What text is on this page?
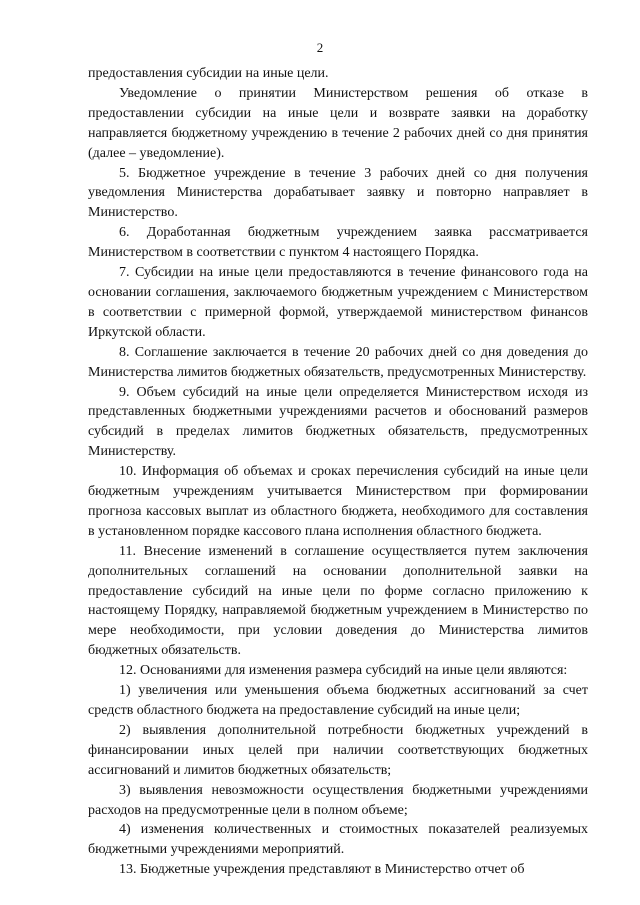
2

предоставления субсидии на иные цели.

Уведомление о принятии Министерством решения об отказе в предоставлении субсидии на иные цели и возврате заявки на доработку направляется бюджетному учреждению в течение 2 рабочих дней со дня принятия (далее – уведомление).

5. Бюджетное учреждение в течение 3 рабочих дней со дня получения уведомления Министерства дорабатывает заявку и повторно направляет в Министерство.

6. Доработанная бюджетным учреждением заявка рассматривается Министерством в соответствии с пунктом 4 настоящего Порядка.

7. Субсидии на иные цели предоставляются в течение финансового года на основании соглашения, заключаемого бюджетным учреждением с Министерством в соответствии с примерной формой, утверждаемой министерством финансов Иркутской области.

8. Соглашение заключается в течение 20 рабочих дней со дня доведения до Министерства лимитов бюджетных обязательств, предусмотренных Министерству.

9. Объем субсидий на иные цели определяется Министерством исходя из представленных бюджетными учреждениями расчетов и обоснований размеров субсидий в пределах лимитов бюджетных обязательств, предусмотренных Министерству.

10. Информация об объемах и сроках перечисления субсидий на иные цели бюджетным учреждениям учитывается Министерством при формировании прогноза кассовых выплат из областного бюджета, необходимого для составления в установленном порядке кассового плана исполнения областного бюджета.

11. Внесение изменений в соглашение осуществляется путем заключения дополнительных соглашений на основании дополнительной заявки на предоставление субсидий на иные цели по форме согласно приложению к настоящему Порядку, направляемой бюджетным учреждением в Министерство по мере необходимости, при условии доведения до Министерства лимитов бюджетных обязательств.

12. Основаниями для изменения размера субсидий на иные цели являются:

1) увеличения или уменьшения объема бюджетных ассигнований за счет средств областного бюджета на предоставление субсидий на иные цели;

2) выявления дополнительной потребности бюджетных учреждений в финансировании иных целей при наличии соответствующих бюджетных ассигнований и лимитов бюджетных обязательств;

3) выявления невозможности осуществления бюджетными учреждениями расходов на предусмотренные цели в полном объеме;

4) изменения количественных и стоимостных показателей реализуемых бюджетными учреждениями мероприятий.

13. Бюджетные учреждения представляют в Министерство отчет об
